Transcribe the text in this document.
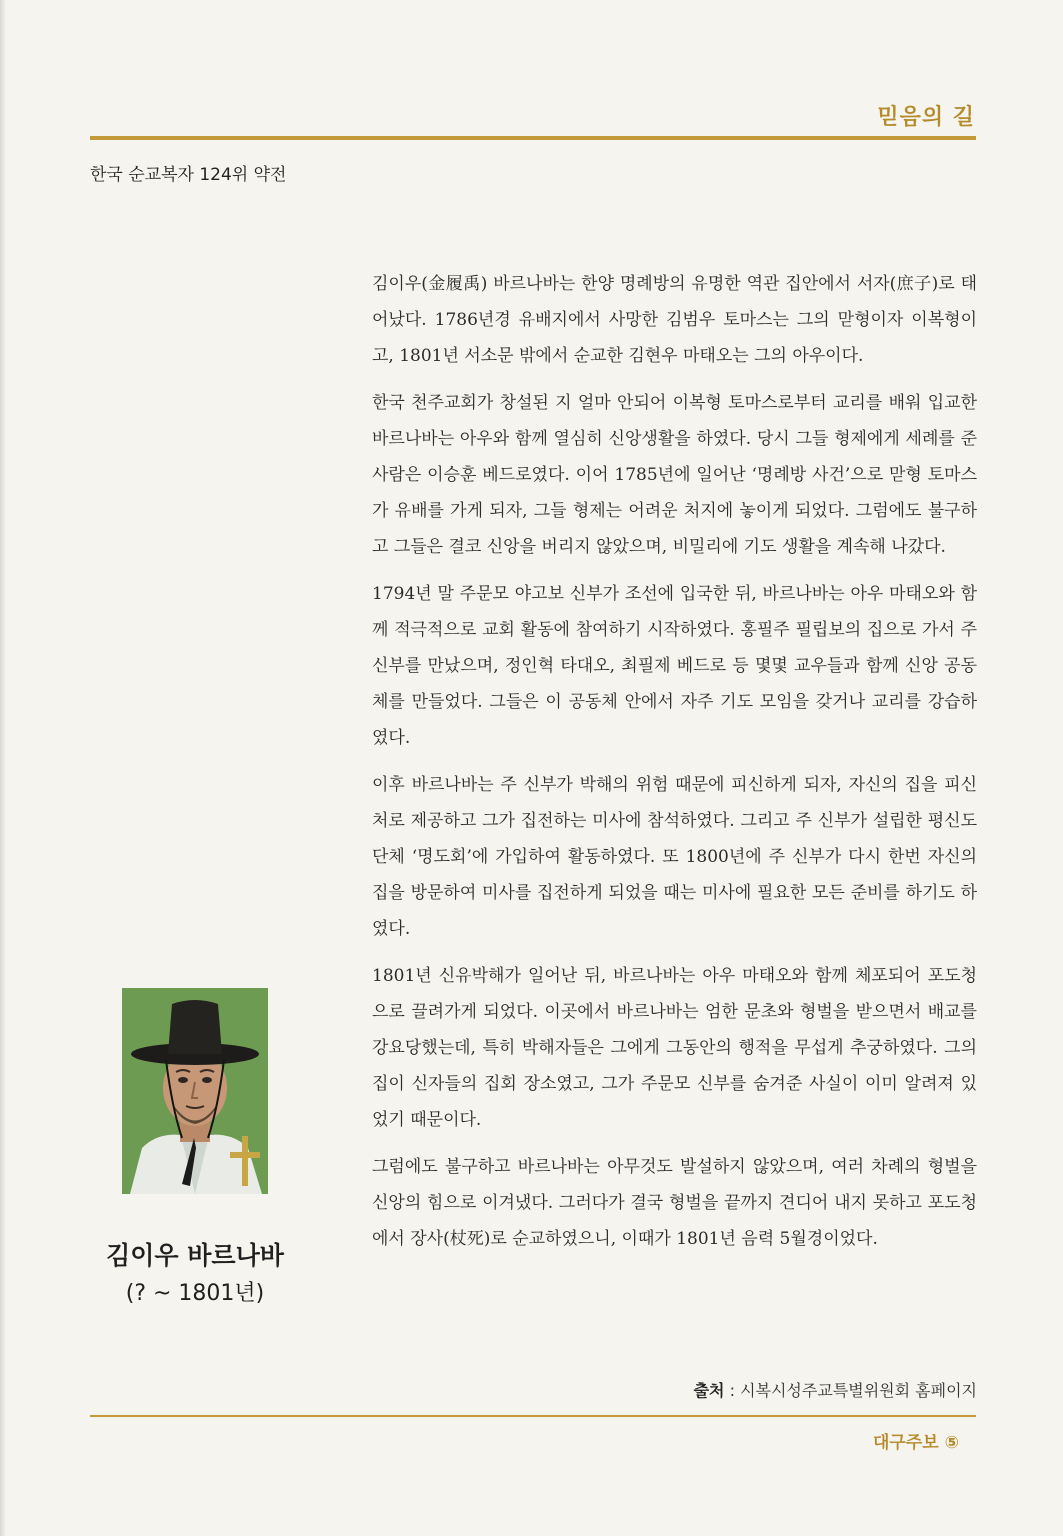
믿음의 길
한국 순교복자 124위 약전

김이우(金履禹) 바르나바는 한양 명례방의 유명한 역관 집안에서 서자(庶子)로 태어났다. 1786년경 유배지에서 사망한 김범우 토마스는 그의 맏형이자 이복형이고, 1801년 서소문 밖에서 순교한 김현우 마태오는 그의 아우이다.

한국 천주교회가 창설된 지 얼마 안되어 이복형 토마스로부터 교리를 배워 입교한 바르나바는 아우와 함께 열심히 신앙생활을 하였다. 당시 그들 형제에게 세례를 준 사람은 이승훈 베드로였다. 이어 1785년에 일어난 ‘명례방 사건’으로 맏형 토마스가 유배를 가게 되자, 그들 형제는 어려운 처지에 놓이게 되었다. 그럼에도 불구하고 그들은 결코 신앙을 버리지 않았으며, 비밀리에 기도 생활을 계속해 나갔다.

1794년 말 주문모 야고보 신부가 조선에 입국한 뒤, 바르나바는 아우 마태오와 함께 적극적으로 교회 활동에 참여하기 시작하였다. 홍필주 필립보의 집으로 가서 주 신부를 만났으며, 정인혁 타대오, 최필제 베드로 등 몇몇 교우들과 함께 신앙 공동체를 만들었다. 그들은 이 공동체 안에서 자주 기도 모임을 갖거나 교리를 강습하였다.

이후 바르나바는 주 신부가 박해의 위험 때문에 피신하게 되자, 자신의 집을 피신처로 제공하고 그가 집전하는 미사에 참석하였다. 그리고 주 신부가 설립한 평신도 단체 ‘명도회’에 가입하여 활동하였다. 또 1800년에 주 신부가 다시 한번 자신의 집을 방문하여 미사를 집전하게 되었을 때는 미사에 필요한 모든 준비를 하기도 하였다.

1801년 신유박해가 일어난 뒤, 바르나바는 아우 마태오와 함께 체포되어 포도청으로 끌려가게 되었다. 이곳에서 바르나바는 엄한 문초와 형벌을 받으면서 배교를 강요당했는데, 특히 박해자들은 그에게 그동안의 행적을 무섭게 추궁하였다. 그의 집이 신자들의 집회 장소였고, 그가 주문모 신부를 숨겨준 사실이 이미 알려져 있었기 때문이다.

그럼에도 불구하고 바르나바는 아무것도 발설하지 않았으며, 여러 차례의 형벌을 신앙의 힘으로 이겨냈다. 그러다가 결국 형벌을 끝까지 견디어 내지 못하고 포도청에서 장사(杖死)로 순교하였으니, 이때가 1801년 음력 5월경이었다.

김이우 바르나바
(? ~ 1801년)
출처 : 시복시성주교특별위원회 홈페이지
대구주보 ⑤
